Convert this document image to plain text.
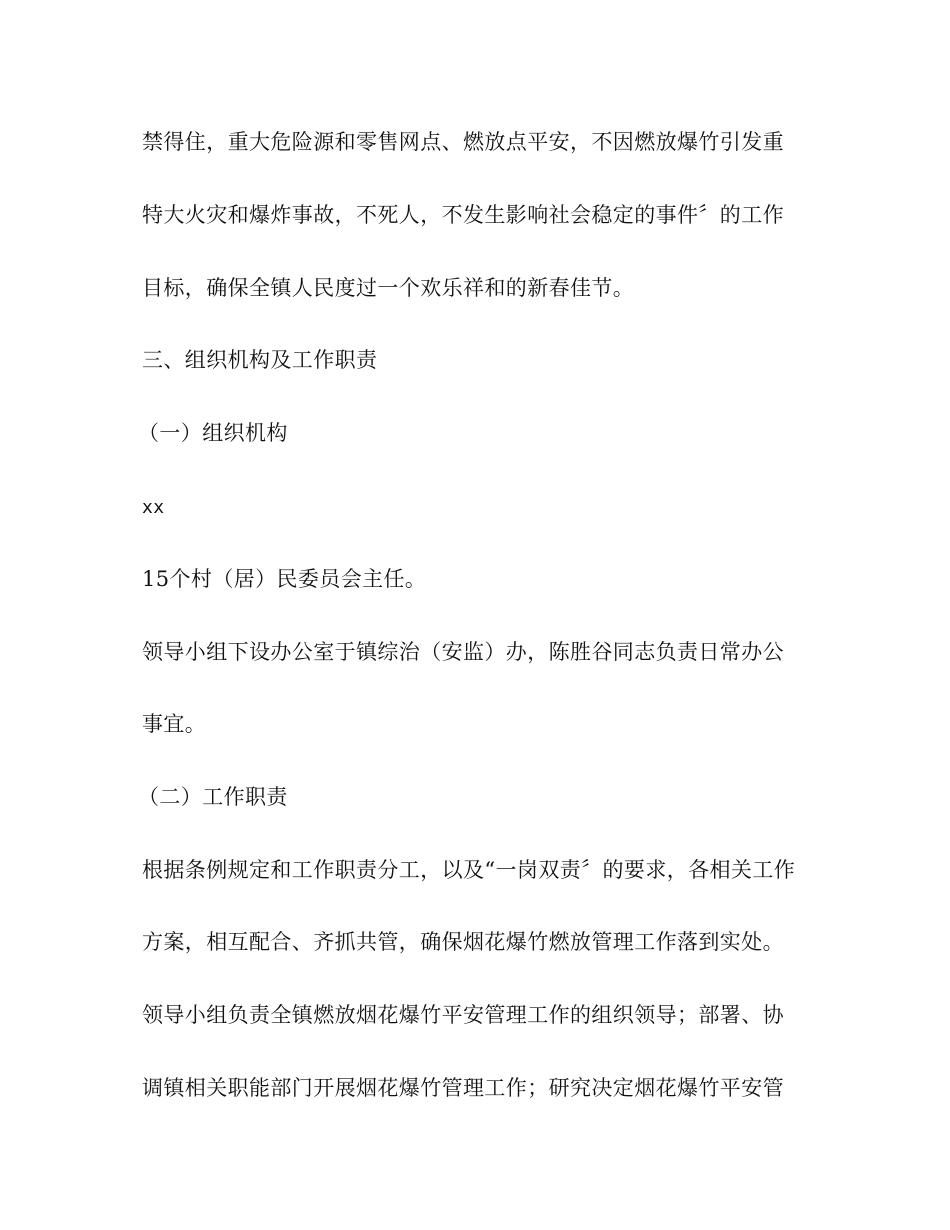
禁得住，重大危险源和零售网点、燃放点平安，不因燃放爆竹引发重

特大火灾和爆炸事故，不死人，不发生影响社会稳定的事件〞的工作

目标，确保全镇人民度过一个欢乐祥和的新春佳节。

三、组织机构及工作职责

（一）组织机构

xx

15个村（居）民委员会主任。

领导小组下设办公室于镇综治（安监）办，陈胜谷同志负责日常办公

事宜。

（二）工作职责

根据条例规定和工作职责分工，以及“一岗双责〞的要求，各相关工作

方案，相互配合、齐抓共管，确保烟花爆竹燃放管理工作落到实处。

领导小组负责全镇燃放烟花爆竹平安管理工作的组织领导；部署、协

调镇相关职能部门开展烟花爆竹管理工作；研究决定烟花爆竹平安管
